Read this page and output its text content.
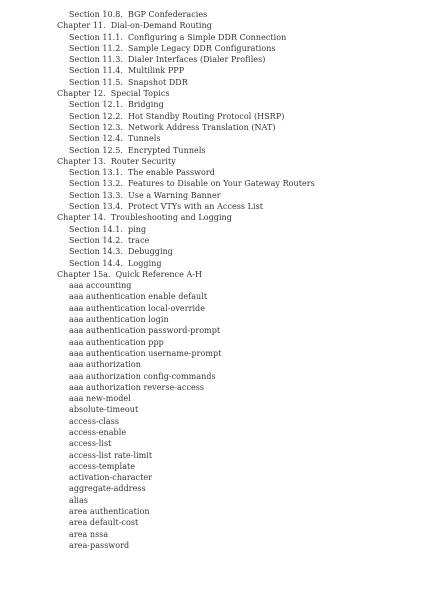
Section 10.8. BGP Confederacies
Chapter 11. Dial-on-Demand Routing
Section 11.1. Configuring a Simple DDR Connection
Section 11.2. Sample Legacy DDR Configurations
Section 11.3. Dialer Interfaces (Dialer Profiles)
Section 11.4. Multilink PPP
Section 11.5. Snapshot DDR
Chapter 12. Special Topics
Section 12.1. Bridging
Section 12.2. Hot Standby Routing Protocol (HSRP)
Section 12.3. Network Address Translation (NAT)
Section 12.4. Tunnels
Section 12.5. Encrypted Tunnels
Chapter 13. Router Security
Section 13.1. The enable Password
Section 13.2. Features to Disable on Your Gateway Routers
Section 13.3. Use a Warning Banner
Section 13.4. Protect VTYs with an Access List
Chapter 14. Troubleshooting and Logging
Section 14.1. ping
Section 14.2. trace
Section 14.3. Debugging
Section 14.4. Logging
Chapter 15a. Quick Reference A-H
aaa accounting
aaa authentication enable default
aaa authentication local-override
aaa authentication login
aaa authentication password-prompt
aaa authentication ppp
aaa authentication username-prompt
aaa authorization
aaa authorization config-commands
aaa authorization reverse-access
aaa new-model
absolute-timeout
access-class
access-enable
access-list
access-list rate-limit
access-template
activation-character
aggregate-address
alias
area authentication
area default-cost
area nssa
area-password
